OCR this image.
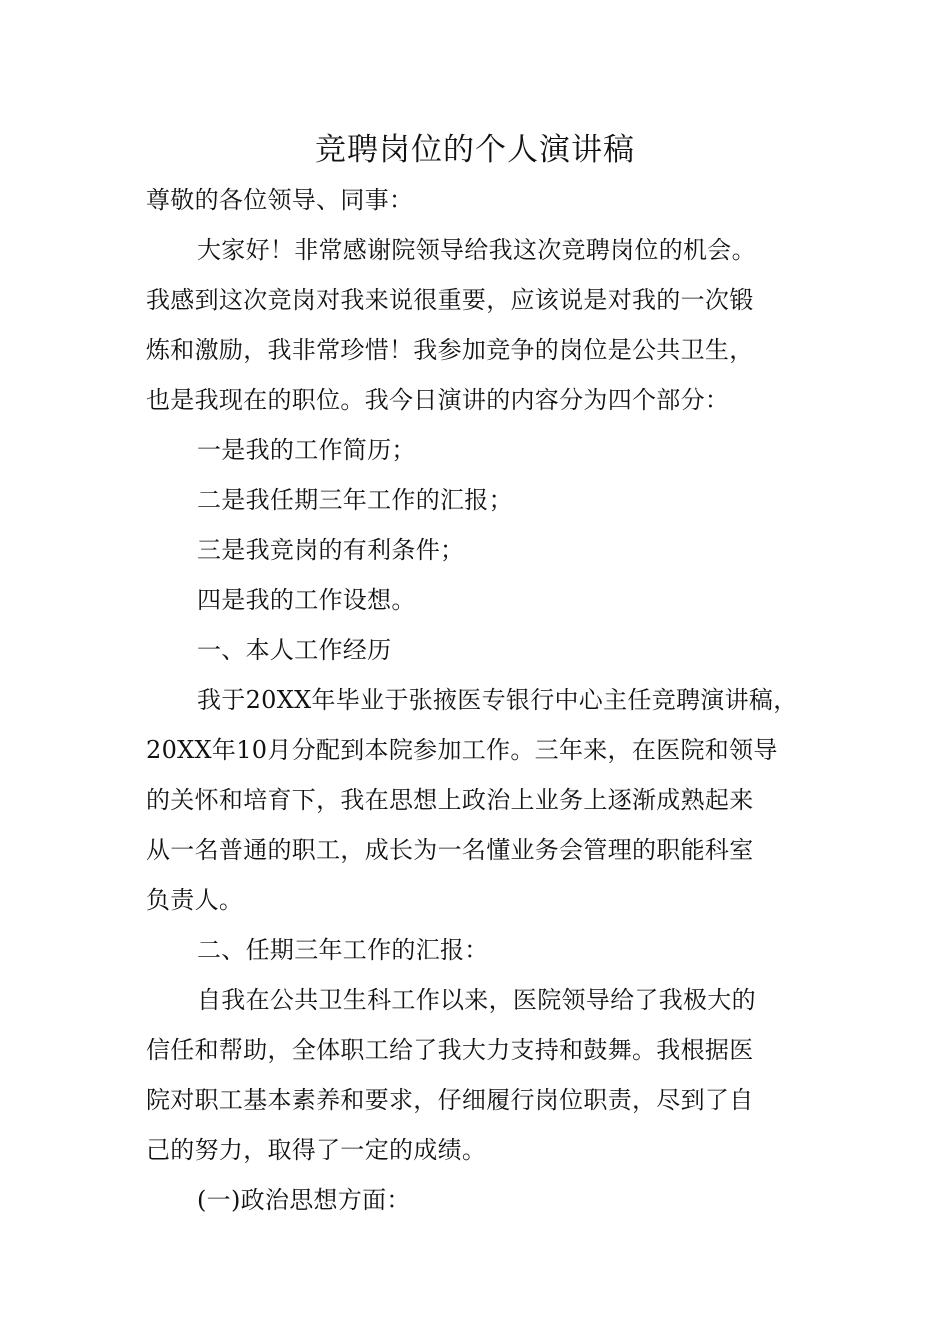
竞聘岗位的个人演讲稿

尊敬的各位领导、同事：

大家好！非常感谢院领导给我这次竞聘岗位的机会。

我感到这次竞岗对我来说很重要，应该说是对我的一次锻

炼和激励，我非常珍惜！我参加竞争的岗位是公共卫生，

也是我现在的职位。我今日演讲的内容分为四个部分：

一是我的工作简历；

二是我任期三年工作的汇报；

三是我竞岗的有利条件；

四是我的工作设想。

一、本人工作经历

我于20XX年毕业于张掖医专银行中心主任竞聘演讲稿，

20XX年10月分配到本院参加工作。三年来，在医院和领导

的关怀和培育下，我在思想上政治上业务上逐渐成熟起来

从一名普通的职工，成长为一名懂业务会管理的职能科室

负责人。

二、任期三年工作的汇报：

自我在公共卫生科工作以来，医院领导给了我极大的

信任和帮助，全体职工给了我大力支持和鼓舞。我根据医

院对职工基本素养和要求，仔细履行岗位职责，尽到了自

己的努力，取得了一定的成绩。

(一)政治思想方面：
